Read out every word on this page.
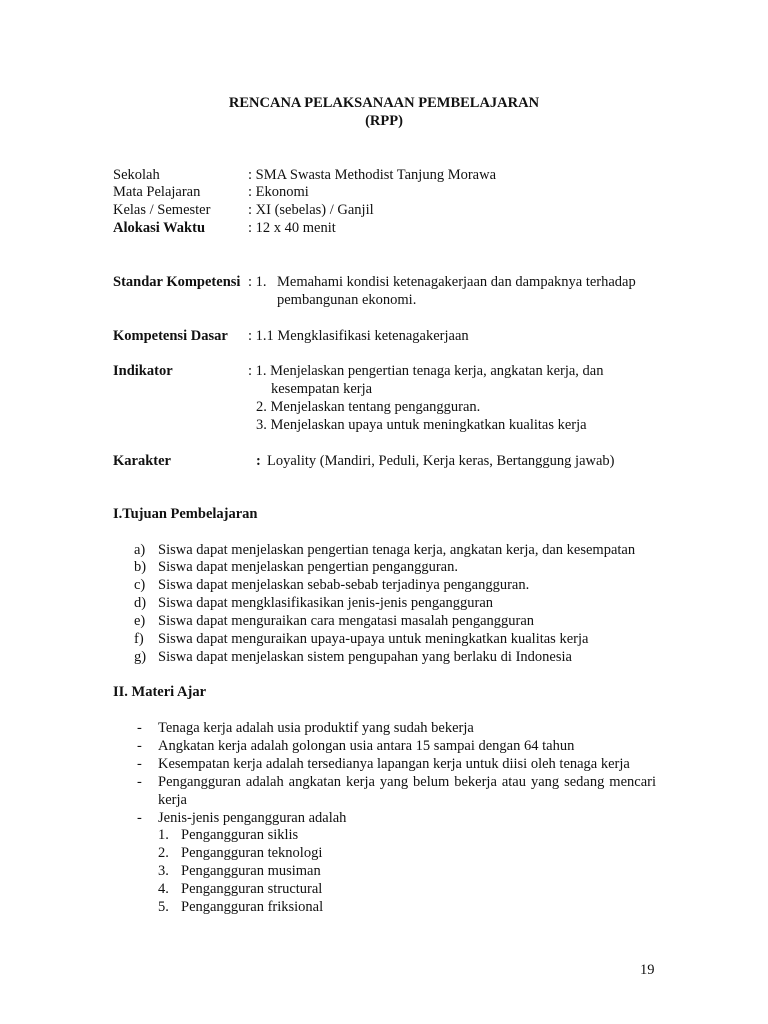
RENCANA PELAKSANAAN PEMBELAJARAN
(RPP)
Sekolah	: SMA Swasta Methodist Tanjung Morawa
Mata Pelajaran	: Ekonomi
Kelas / Semester	: XI (sebelas) / Ganjil
Alokasi Waktu	: 12 x 40 menit
Standar Kompetensi : 1. Memahami kondisi ketenagakerjaan dan dampaknya terhadap
pembangunan ekonomi.
Kompetensi Dasar : 1.1 Mengklasifikasi ketenagakerjaan
Indikator	: 1. Menjelaskan pengertian tenaga kerja, angkatan kerja, dan
kesempatan kerja
2. Menjelaskan tentang pengangguran.
3. Menjelaskan upaya untuk meningkatkan kualitas kerja
Karakter	: Loyality (Mandiri, Peduli, Kerja keras, Bertanggung jawab)
I.Tujuan Pembelajaran
a) Siswa dapat menjelaskan pengertian tenaga kerja, angkatan kerja, dan kesempatan
b) Siswa dapat menjelaskan pengertian pengangguran.
c) Siswa dapat menjelaskan sebab-sebab terjadinya pengangguran.
d) Siswa dapat mengklasifikasikan jenis-jenis pengangguran
e) Siswa dapat menguraikan cara mengatasi masalah pengangguran
f) Siswa dapat menguraikan upaya-upaya untuk meningkatkan kualitas kerja
g) Siswa dapat menjelaskan sistem pengupahan yang berlaku di Indonesia
II. Materi Ajar
- Tenaga kerja adalah usia produktif yang sudah bekerja
- Angkatan kerja adalah golongan usia antara 15 sampai dengan 64 tahun
- Kesempatan kerja adalah tersedianya lapangan kerja untuk diisi oleh tenaga kerja
- Pengangguran adalah angkatan kerja yang belum bekerja atau yang sedang mencari kerja
- Jenis-jenis pengangguran adalah
1. Pengangguran siklis
2. Pengangguran teknologi
3. Pengangguran musiman
4. Pengangguran structural
5. Pengangguran friksional
19
